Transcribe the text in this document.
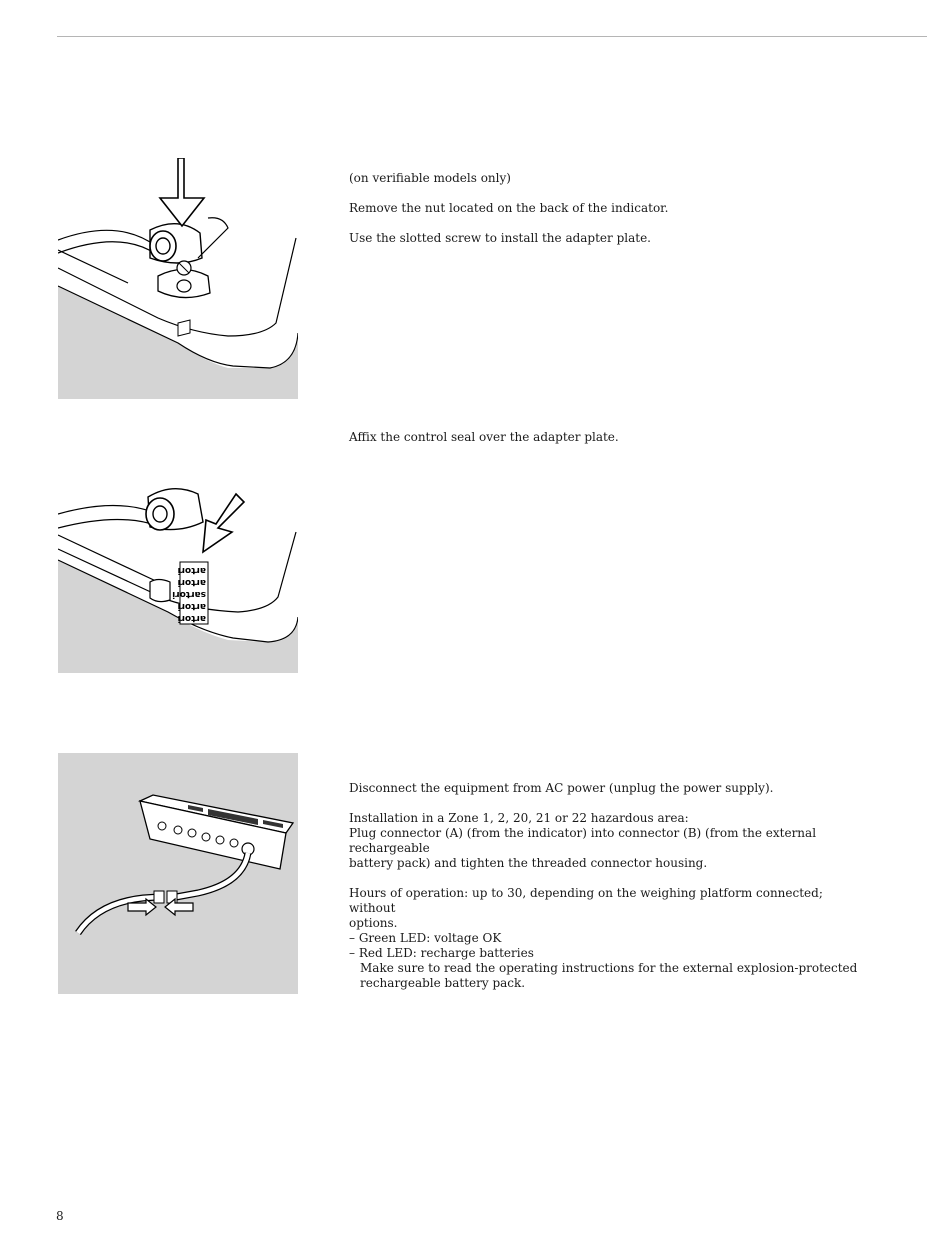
(on verifiable models only)

Remove the nut located on the back of the indicator.

Use the slotted screw to install the adapter plate.

artori
artori
sartori
artori
artori

Affix the control seal over the adapter plate.

Disconnect the equipment from AC power (unplug the power supply).

Installation in a Zone 1, 2, 20, 21 or 22 hazardous area:

Plug connector (A) (from the indicator) into connector (B) (from the external rechargeable

battery pack) and tighten the threaded connector housing.

Hours of operation: up to 30, depending on the weighing platform connected; without

options.

– Green LED: voltage OK

– Red LED: recharge batteries

Make sure to read the operating instructions for the external explosion-protected

rechargeable battery pack.

8
